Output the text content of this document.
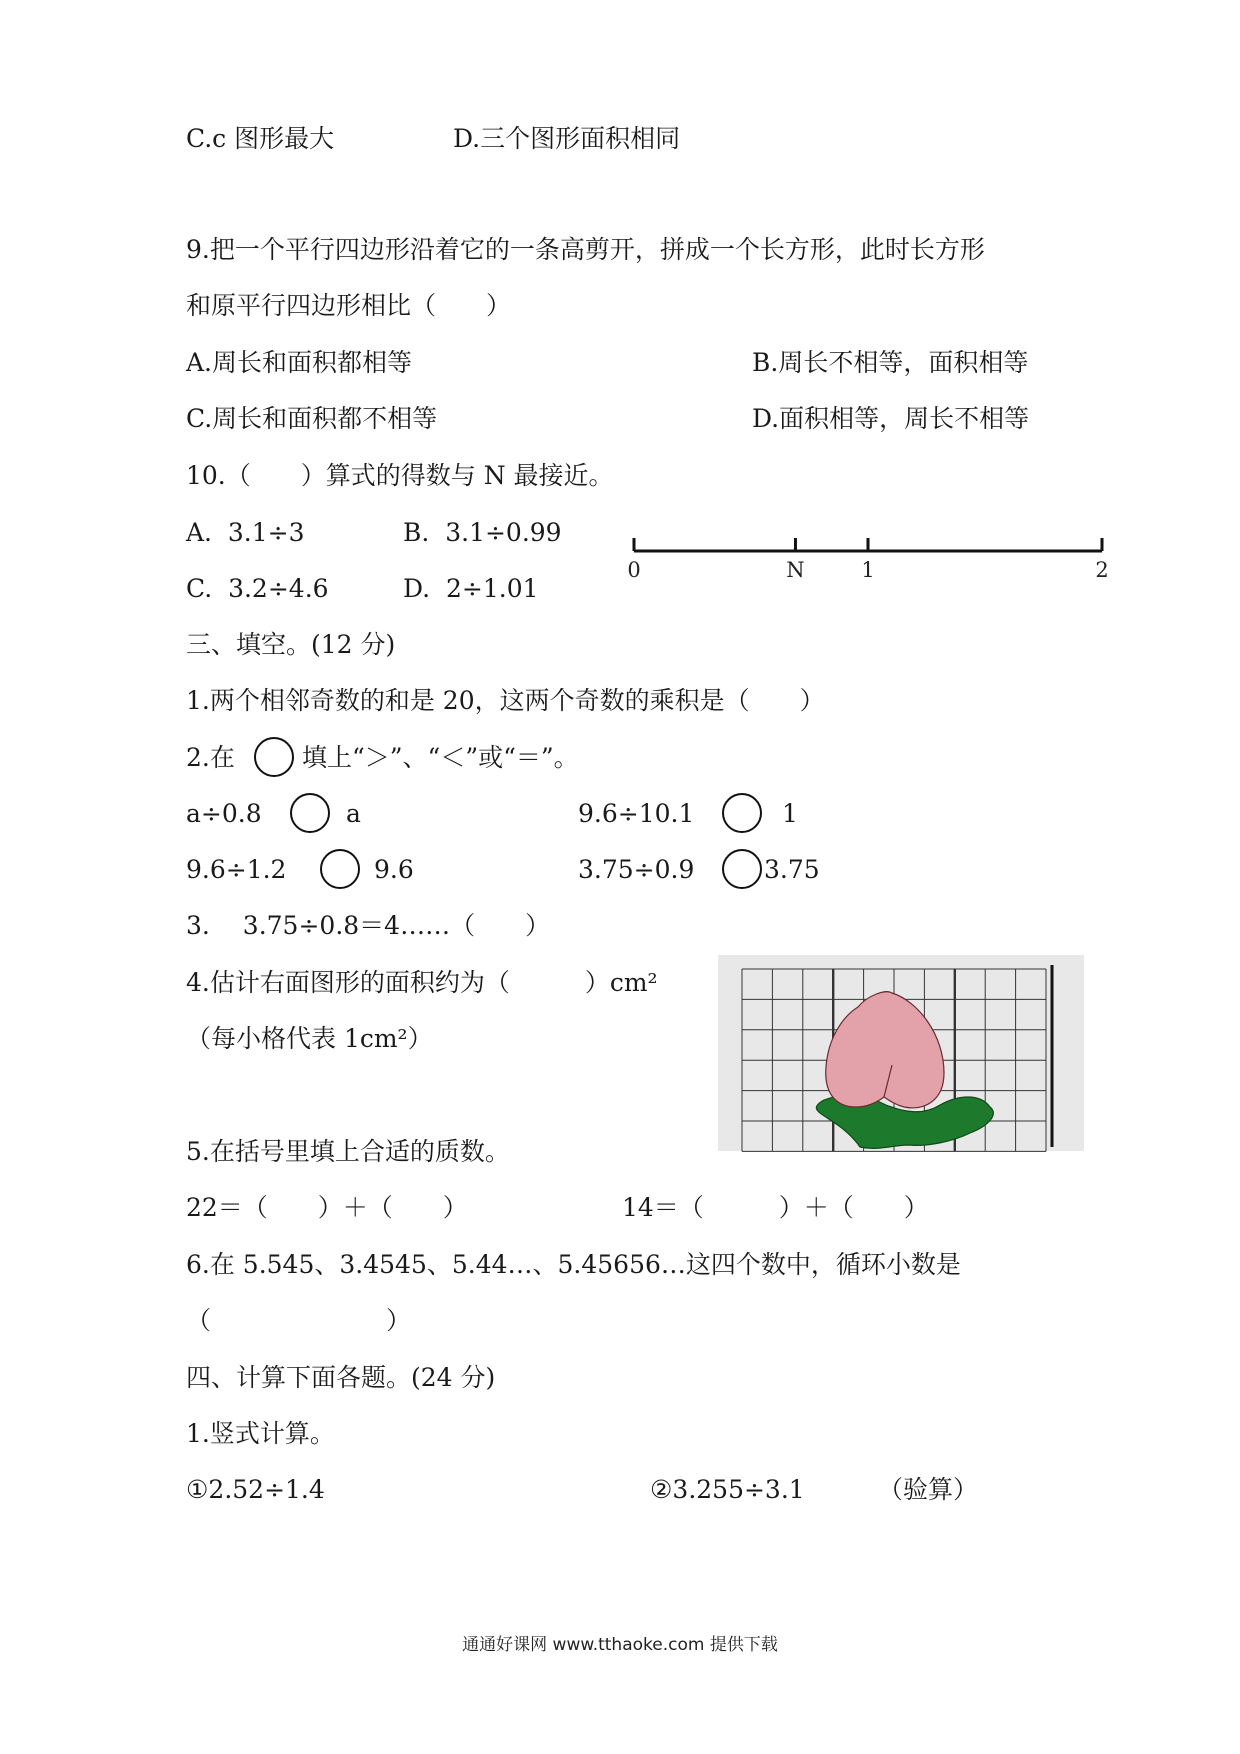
C.c 图形最大	D.三个图形面积相同
9.把一个平行四边形沿着它的一条高剪开，拼成一个长方形，此时长方形
和原平行四边形相比（　　）
A.周长和面积都相等	B.周长不相等，面积相等
C.周长和面积都不相等	D.面积相等，周长不相等
10.（　　）算式的得数与 N 最接近。
A.  3.1÷3	B.  3.1÷0.99
C.  3.2÷4.6	D.  2÷1.01
0	N	1	2
三、填空。(12 分)
1.两个相邻奇数的和是 20，这两个奇数的乘积是（　　）
2.在	填上“＞”、“＜”或“＝”。
a÷0.8	a	9.6÷10.1	1
9.6÷1.2	9.6	3.75÷0.9	3.75
3.　 3.75÷0.8＝4……（　　）
4.估计右面图形的面积约为（　　　）cm²
（每小格代表 1cm²）
5.在括号里填上合适的质数。
22＝（　　）＋（　　）	14＝（　　　）＋（　　）
6.在 5.545、3.4545、5.44…、5.45656…这四个数中，循环小数是
（　　　　　　　）
四、计算下面各题。(24 分)
1.竖式计算。
①2.52÷1.4	②3.255÷3.1	（验算）
通通好课网 www.tthaoke.com 提供下载
